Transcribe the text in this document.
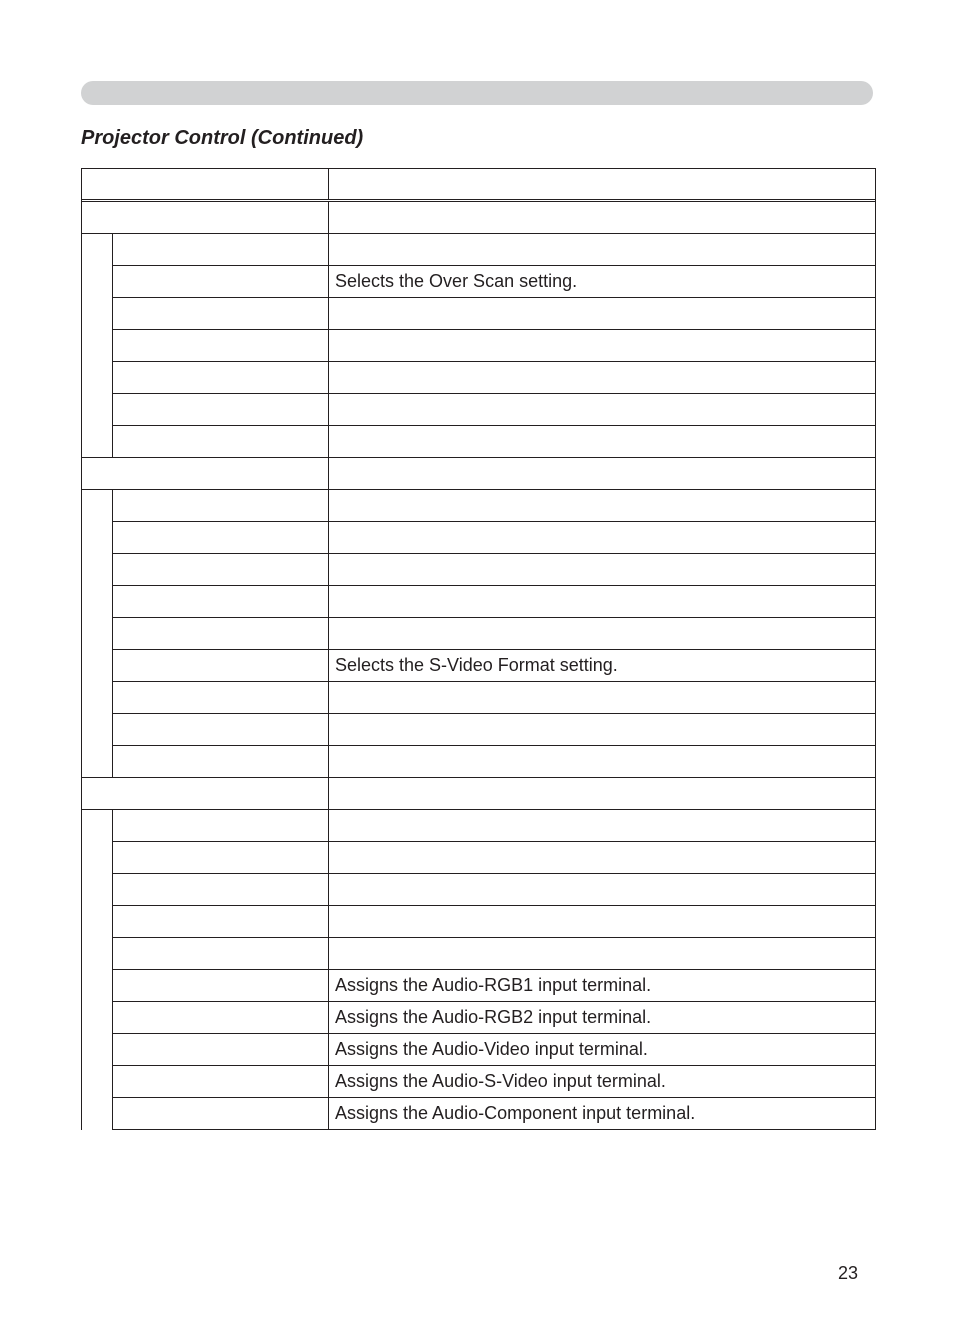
Projector Control (Continued)

		Selects the Over Scan setting.

		Selects the S-Video Format setting.

		Assigns the Audio-RGB1 input terminal.
		Assigns the Audio-RGB2 input terminal.
		Assigns the Audio-Video input terminal.
		Assigns the Audio-S-Video input terminal.
		Assigns the Audio-Component input terminal.
23
